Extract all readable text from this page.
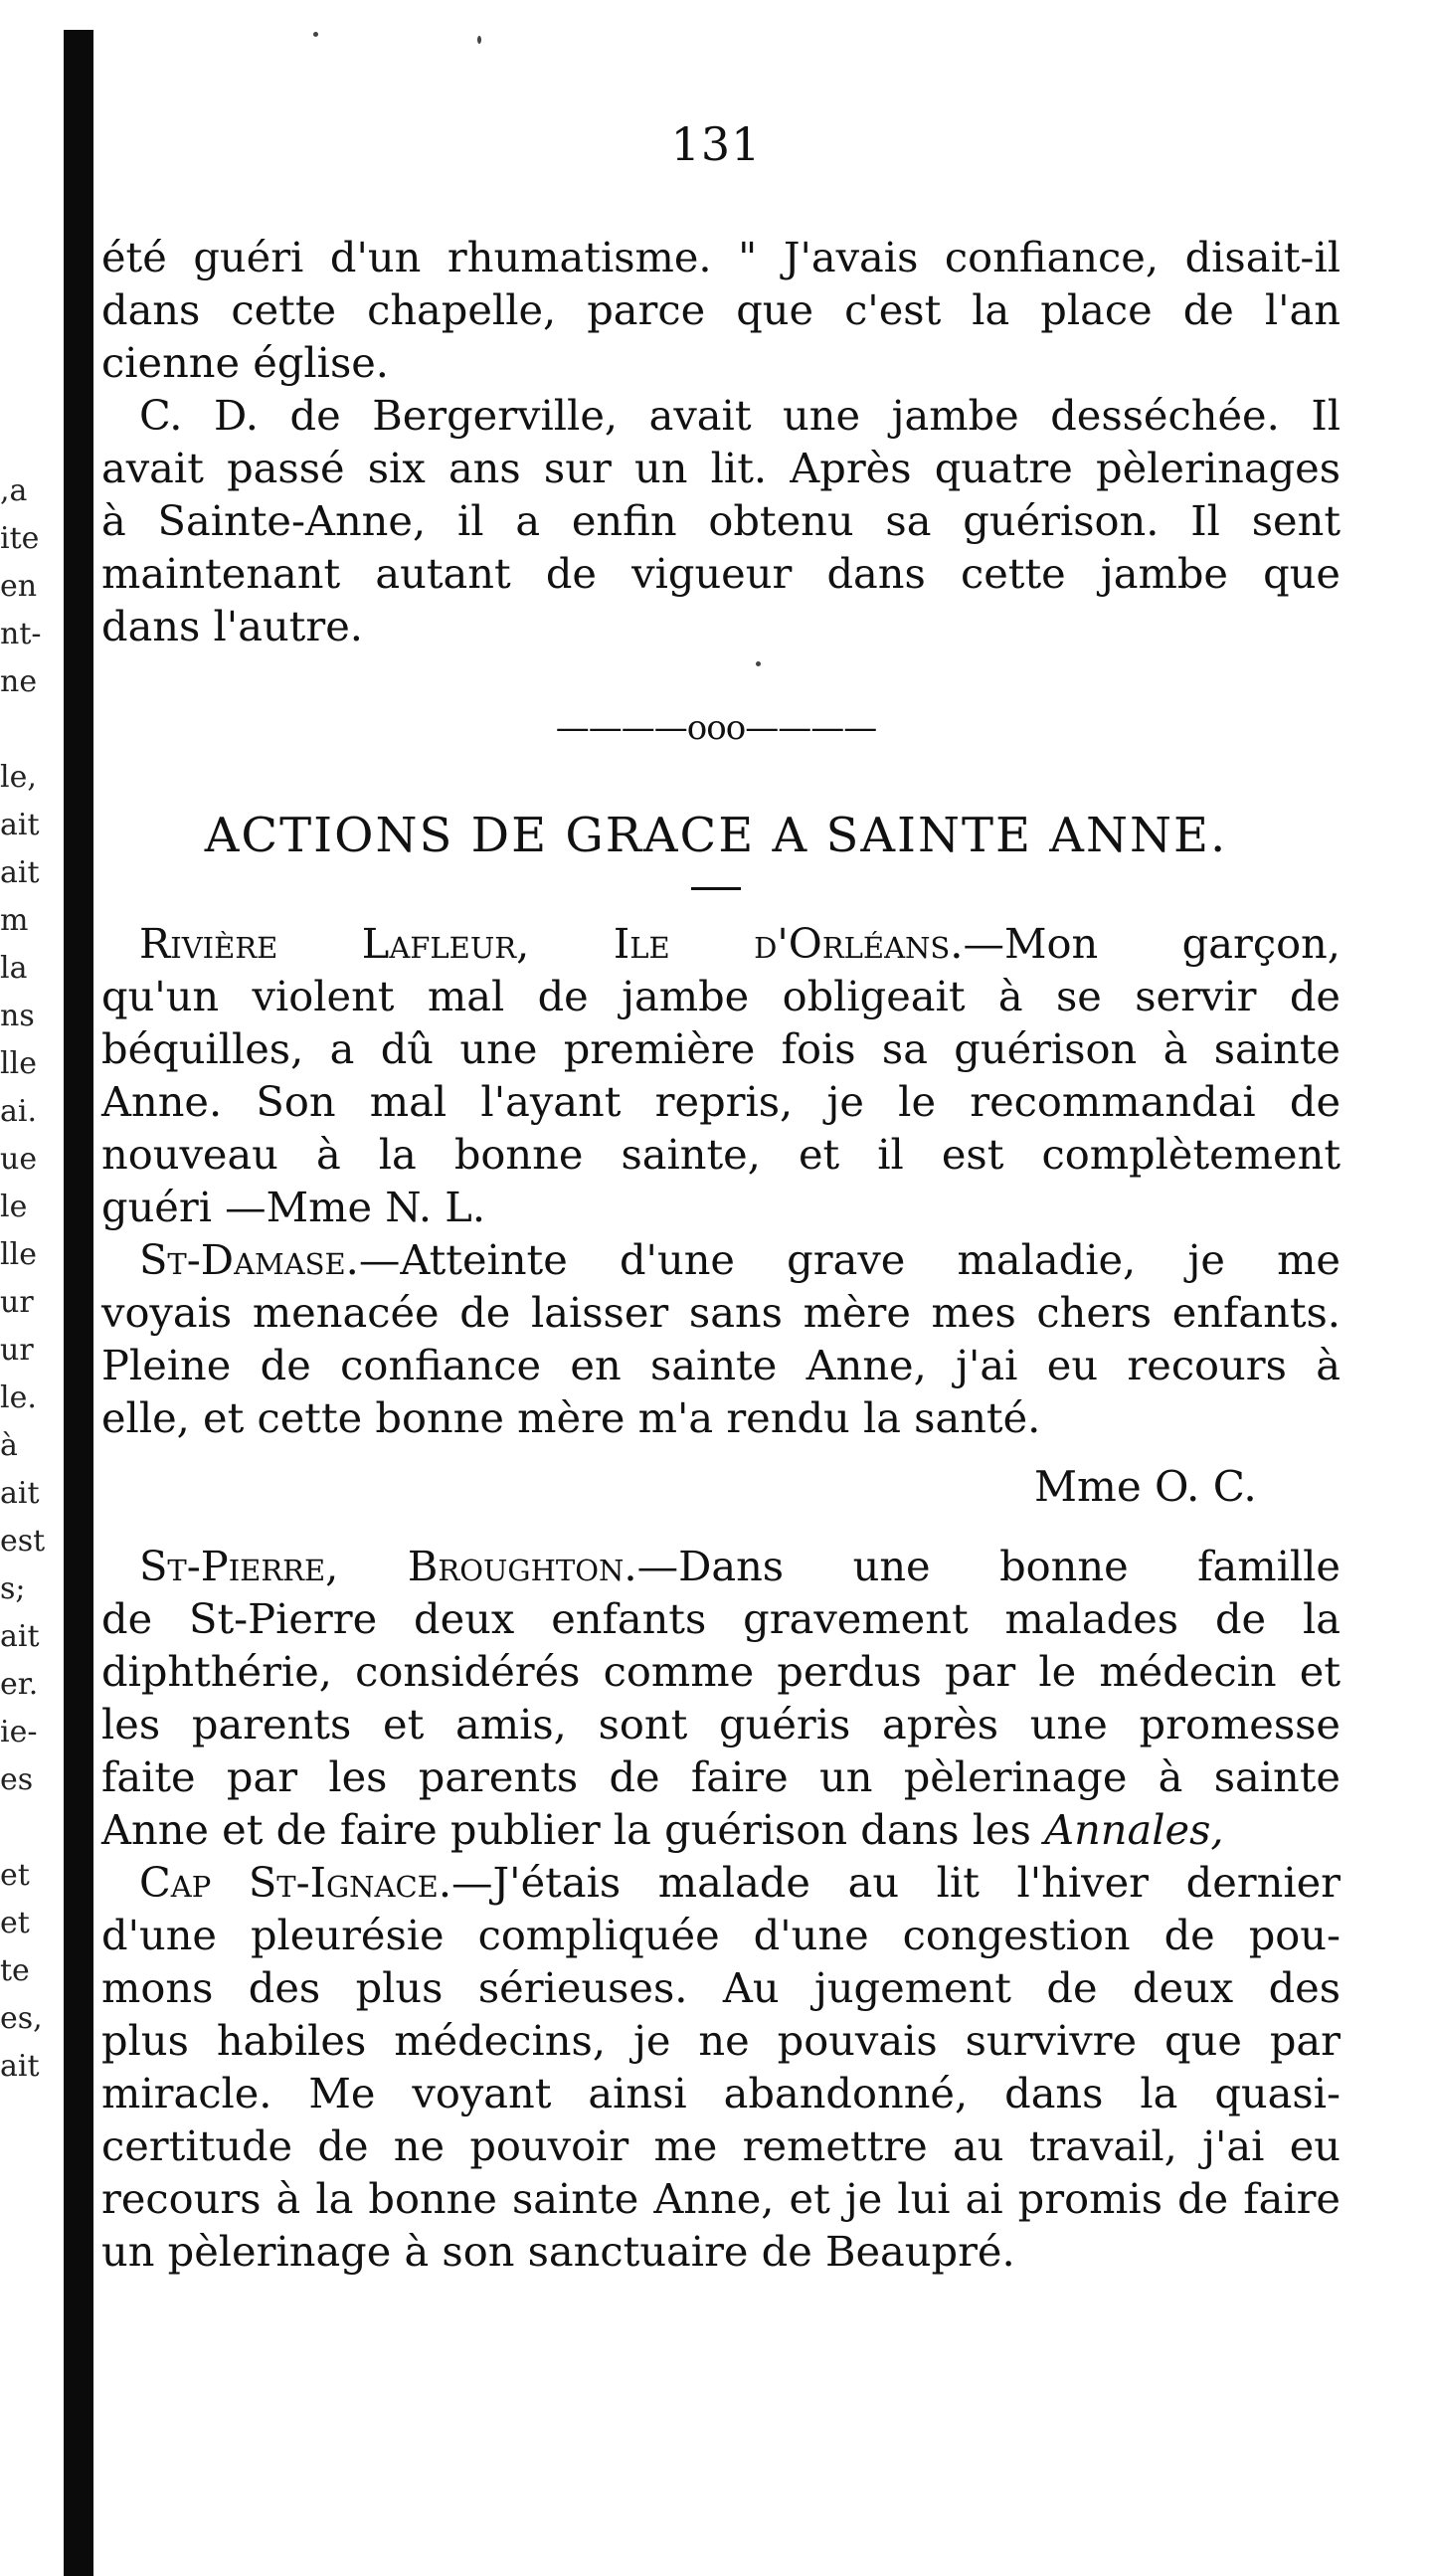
,a
ite
en
nt-
ne
le,
ait
ait
m
la
ns
lle
ai.
ue
le
lle
ur
ur
le.
à
ait
est
s;
ait
er.
ie-
es
et
et
te
es,
ait
131
été guéri d'un rhumatisme. " J'avais confiance, disait-il
dans cette chapelle, parce que c'est la place de l'an
cienne église.
C. D. de Bergerville, avait une jambe desséchée. Il
avait passé six ans sur un lit. Après quatre pèlerinages
à Sainte-Anne, il a enfin obtenu sa guérison. Il sent
maintenant autant de vigueur dans cette jambe que
dans l'autre.
————ooo————
ACTIONS DE GRACE A SAINTE ANNE.
Rivière Lafleur, Ile d'Orléans.—Mon garçon,
qu'un violent mal de jambe obligeait à se servir de
béquilles, a dû une première fois sa guérison à sainte
Anne. Son mal l'ayant repris, je le recommandai de
nouveau à la bonne sainte, et il est complètement
guéri —Mme N. L.
St-Damase.—Atteinte d'une grave maladie, je me
voyais menacée de laisser sans mère mes chers enfants.
Pleine de confiance en sainte Anne, j'ai eu recours à
elle, et cette bonne mère m'a rendu la santé.
Mme O. C.
St-Pierre, Broughton.—Dans une bonne famille
de St-Pierre deux enfants gravement malades de la
diphthérie, considérés comme perdus par le médecin et
les parents et amis, sont guéris après une promesse
faite par les parents de faire un pèlerinage à sainte
Anne et de faire publier la guérison dans les Annales,
Cap St-Ignace.—J'étais malade au lit l'hiver dernier
d'une pleurésie compliquée d'une congestion de pou-
mons des plus sérieuses. Au jugement de deux des
plus habiles médecins, je ne pouvais survivre que par
miracle. Me voyant ainsi abandonné, dans la quasi-
certitude de ne pouvoir me remettre au travail, j'ai eu
recours à la bonne sainte Anne, et je lui ai promis de faire
un pèlerinage à son sanctuaire de Beaupré.
